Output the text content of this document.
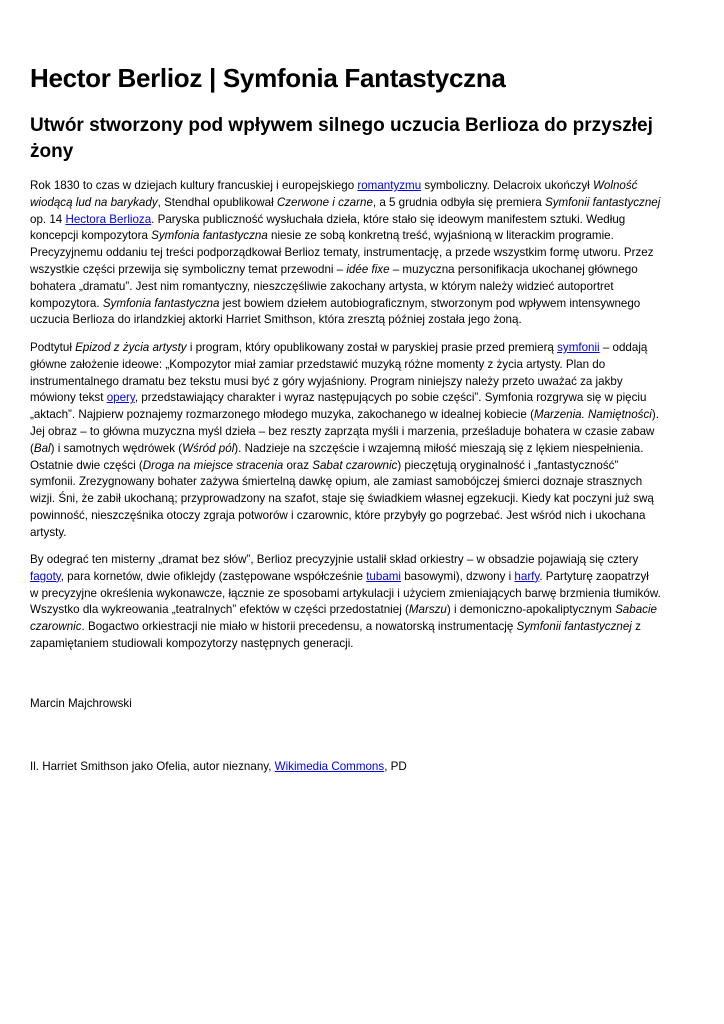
Hector Berlioz | Symfonia Fantastyczna
Utwór stworzony pod wpływem silnego uczucia Berlioza do przyszłej
żony
Rok 1830 to czas w dziejach kultury francuskiej i europejskiego romantyzmu symboliczny. Delacroix ukończył Wolność
wiodącą lud na barykady, Stendhal opublikował Czerwone i czarne, a 5 grudnia odbyła się premiera Symfonii fantastycznej
op. 14 Hectora Berlioza. Paryska publiczność wysłuchała dzieła, które stało się ideowym manifestem sztuki. Według
koncepcji kompozytora Symfonia fantastyczna niesie ze sobą konkretną treść, wyjaśnioną w literackim programie.
Precyzyjnemu oddaniu tej treści podporządkował Berlioz tematy, instrumentację, a przede wszystkim formę utworu. Przez
wszystkie części przewija się symboliczny temat przewodni – idée fixe – muzyczna personifikacja ukochanej głównego
bohatera „dramatu”. Jest nim romantyczny, nieszczęśliwie zakochany artysta, w którym należy widzieć autoportret
kompozytora. Symfonia fantastyczna jest bowiem dziełem autobiograficznym, stworzonym pod wpływem intensywnego
uczucia Berlioza do irlandzkiej aktorki Harriet Smithson, która zresztą później została jego żoną.
Podtytuł Epizod z życia artysty i program, który opublikowany został w paryskiej prasie przed premierą symfonii – oddają
główne założenie ideowe: „Kompozytor miał zamiar przedstawić muzyką różne momenty z życia artysty. Plan do
instrumentalnego dramatu bez tekstu musi być z góry wyjaśniony. Program niniejszy należy przeto uważać za jakby
mówiony tekst opery, przedstawiający charakter i wyraz następujących po sobie części”. Symfonia rozgrywa się w pięciu
„aktach”. Najpierw poznajemy rozmarzonego młodego muzyka, zakochanego w idealnej kobiecie (Marzenia. Namiętności).
Jej obraz – to główna muzyczna myśl dzieła – bez reszty zaprząta myśli i marzenia, prześladuje bohatera w czasie zabaw
(Bal) i samotnych wędrówek (Wśród pól). Nadzieje na szczęście i wzajemną miłość mieszają się z lękiem niespełnienia.
Ostatnie dwie części (Droga na miejsce stracenia oraz Sabat czarownic) pieczętują oryginalność i „fantastyczność”
symfonii. Zrezygnowany bohater zażywa śmiertelną dawkę opium, ale zamiast samobójczej śmierci doznaje strasznych
wizji. Śni, że zabił ukochaną; przyprowadzony na szafot, staje się świadkiem własnej egzekucji. Kiedy kat poczyni już swą
powinność, nieszczęśnika otoczy zgraja potworów i czarownic, które przybyły go pogrzebać. Jest wśród nich i ukochana
artysty.
By odegrać ten misterny „dramat bez słów”, Berlioz precyzyjnie ustalił skład orkiestry – w obsadzie pojawiają się cztery
fagoty, para kornetów, dwie ofiklejdy (zastępowane współcześnie tubami basowymi), dzwony i harfy. Partyturę zaopatrzył
w precyzyjne określenia wykonawcze, łącznie ze sposobami artykulacji i użyciem zmieniających barwę brzmienia tłumików.
Wszystko dla wykreowania „teatralnych” efektów w części przedostatniej (Marszu) i demoniczno-apokaliptycznym Sabacie
czarownic. Bogactwo orkiestracji nie miało w historii precedensu, a nowatorską instrumentację Symfonii fantastycznej z
zapamiętaniem studiowali kompozytorzy następnych generacji.
Marcin Majchrowski
Il. Harriet Smithson jako Ofelia, autor nieznany, Wikimedia Commons, PD
